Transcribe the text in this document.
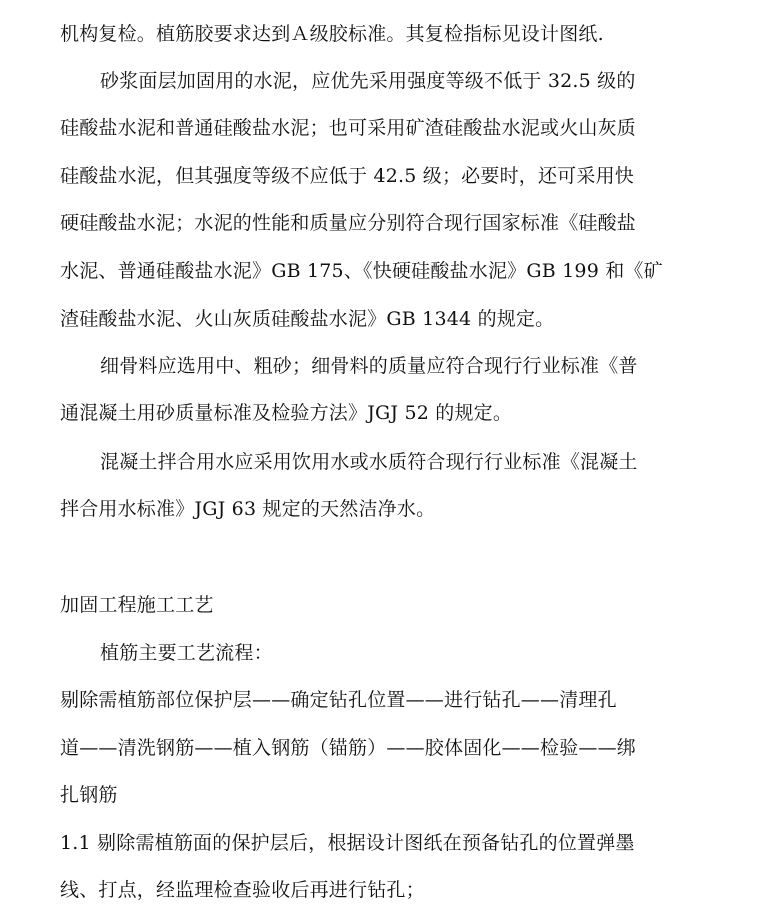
机构复检。植筋胶要求达到Ａ级胶标准。其复检指标见设计图纸.
砂浆面层加固用的水泥，应优先采用强度等级不低于 32.5 级的
硅酸盐水泥和普通硅酸盐水泥；也可采用矿渣硅酸盐水泥或火山灰质
硅酸盐水泥，但其强度等级不应低于 42.5 级；必要时，还可采用快
硬硅酸盐水泥；水泥的性能和质量应分别符合现行国家标准《硅酸盐
水泥、普通硅酸盐水泥》GB 175、《快硬硅酸盐水泥》GB 199 和《矿
渣硅酸盐水泥、火山灰质硅酸盐水泥》GB 1344 的规定。
细骨料应选用中、粗砂；细骨料的质量应符合现行行业标准《普
通混凝土用砂质量标准及检验方法》JGJ 52 的规定。
混凝土拌合用水应采用饮用水或水质符合现行行业标准《混凝土
拌合用水标准》JGJ 63 规定的天然洁净水。
加固工程施工工艺
植筋主要工艺流程：
剔除需植筋部位保护层——确定钻孔位置——进行钻孔——清理孔
道——清洗钢筋——植入钢筋（锚筋）——胶体固化——检验——绑
扎钢筋
1.1 剔除需植筋面的保护层后，根据设计图纸在预备钻孔的位置弹墨
线、打点，经监理检查验收后再进行钻孔；
